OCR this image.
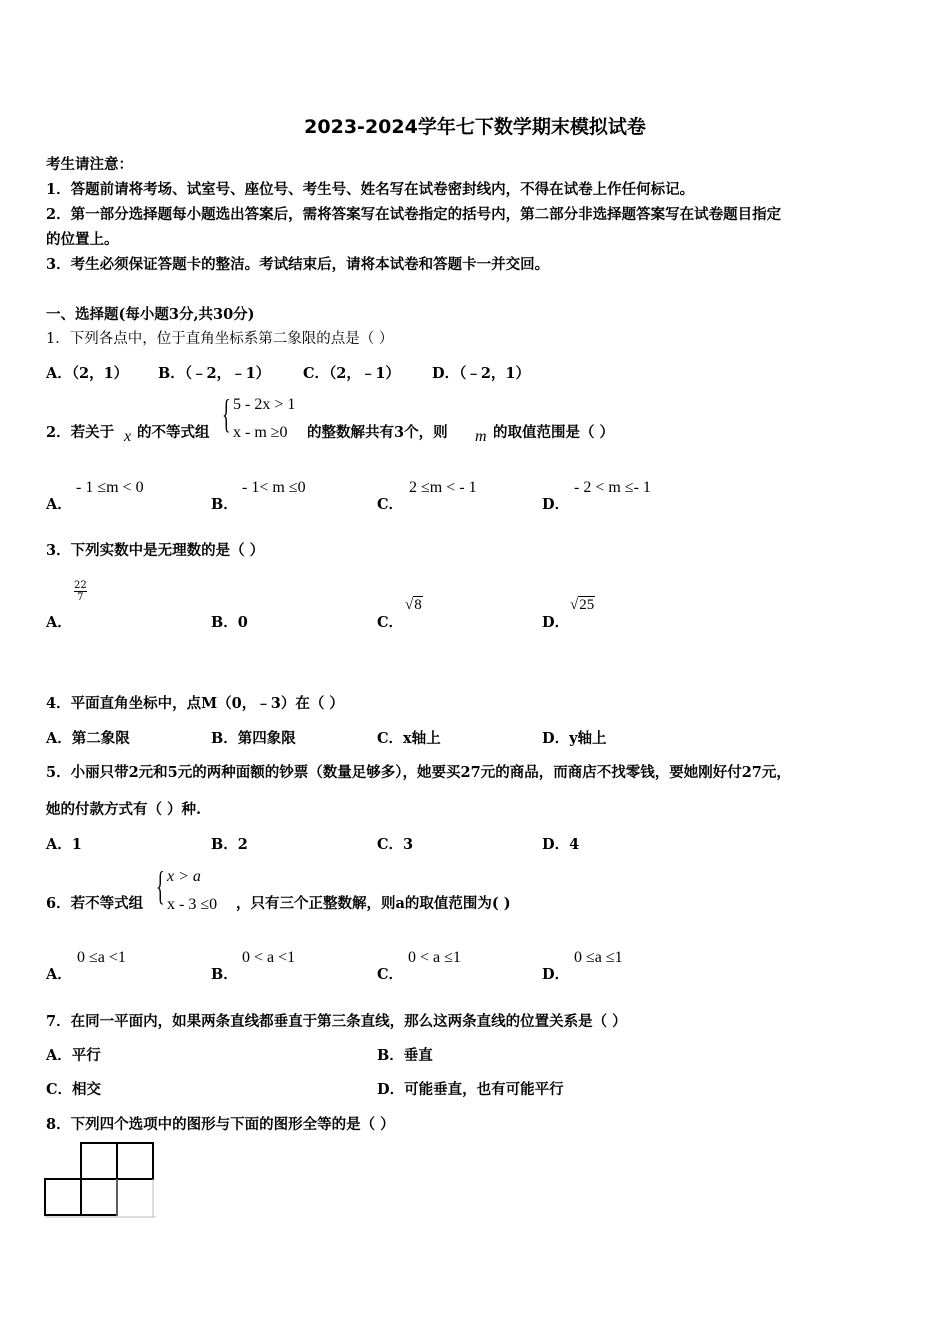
2023-2024学年七下数学期末模拟试卷
考生请注意：
1．答题前请将考场、试室号、座位号、考生号、姓名写在试卷密封线内，不得在试卷上作任何标记。
2．第一部分选择题每小题选出答案后，需将答案写在试卷指定的括号内，第二部分非选择题答案写在试卷题目指定
的位置上。
3．考生必须保证答题卡的整洁。考试结束后，请将本试卷和答题卡一并交回。
一、选择题(每小题3分,共30分)
1．下列各点中，位于直角坐标系第二象限的点是（ ）
A．（2，1） B．（﹣2，﹣1） C．（2，﹣1） D．（﹣2，1）
2．若关于 x 的不等式组 { 5 - 2x > 1
x - m ≥0 的整数解共有3个，则 m 的取值范围是（ ）
A．
- 1 ≤m < 0
B．
- 1< m ≤0
C．
2 ≤m < - 1
D．
- 2 < m ≤- 1
3．下列实数中是无理数的是（ ）
A．
$\frac{22}{7}$
B．0	C．
√8
D．
√25
4．平面直角坐标中，点M（0，﹣3）在（ ）
A．第二象限	B．第四象限	C．x轴上	D．y轴上
5．小丽只带2元和5元的两种面额的钞票（数量足够多），她要买27元的商品，而商店不找零钱，要她刚好付27元，
她的付款方式有（ ）种.
A．1	B．2	C．3	D．4
6．若不等式组 { x > a
x - 3 ≤0 ，只有三个正整数解，则a的取值范围为( )
A．
0 ≤a <1
B．
0 < a <1
C．
0 < a ≤1
D．
0 ≤a ≤1
7．在同一平面内，如果两条直线都垂直于第三条直线，那么这两条直线的位置关系是（ ）
A．平行	B．垂直
C．相交	D．可能垂直，也有可能平行
8．下列四个选项中的图形与下面的图形全等的是（ ）
